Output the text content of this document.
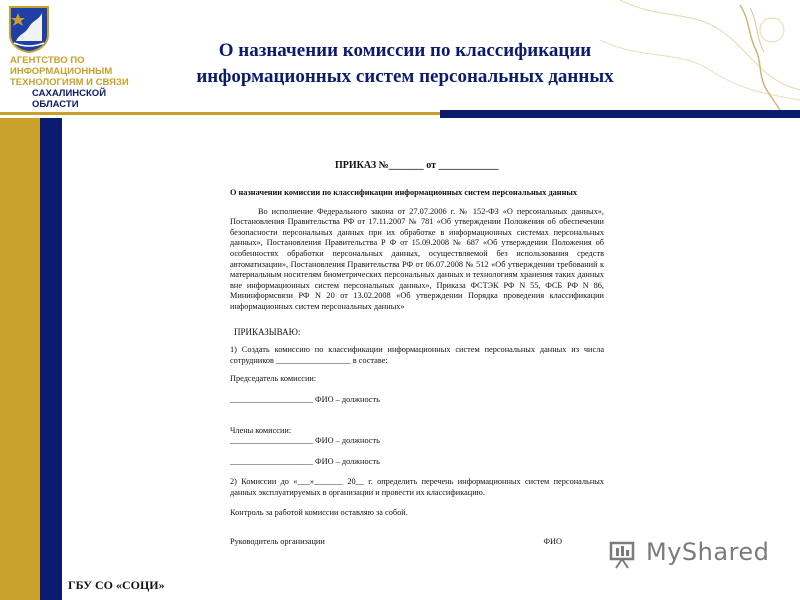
АГЕНТСТВО ПО
ИНФОРМАЦИОННЫМ
ТЕХНОЛОГИЯМ И СВЯЗИ
САХАЛИНСКОЙ
ОБЛАСТИ
О назначении комиссии по классификации
информационных систем персональных данных
ПРИКАЗ №_______ от ____________

О назначении комиссии по классификации информационных систем персональных данных

Во исполнение Федерального закона от 27.07.2006 г. № 152-ФЗ «О персональных данных», Постановления Правительства РФ от 17.11.2007 № 781 «Об утверждении Положения об обеспечении безопасности персональных данных при их обработке в информационных системах персональных данных», Постановления Правительства Р Ф от 15.09.2008 № 687 «Об утверждении Положения об особенностях обработки персональных данных, осуществляемой без использования средств автоматизации», Постановления Правительства РФ от 06.07.2008 № 512 «Об утверждении требований к материальным носителям биометрических персональных данных и технологиям хранения таких данных вне информационных систем персональных данных», Приказа ФСТЭК РФ N 55, ФСБ РФ N 86, Мининформсвязи РФ N 20 от 13.02.2008 «Об утверждении Порядка проведения классификации информационных систем персональных данных»

ПРИКАЗЫВАЮ:

1) Создать комиссию по классификации информационных систем персональных данных из числа сотрудников __________________ в составе:

Председатель комиссии:

____________________ ФИО – должность

Члены комиссии:

____________________ ФИО – должность

____________________ ФИО – должность

2) Комиссии до «___»_______ 20__ г. определить перечень информационных систем персональных данных эксплуатируемых в организации и провести их классификацию.

Контроль за работой комиссии оставляю за собой.

Руководитель организации	ФИО
ГБУ СО «СОЦИ»
MyShared
